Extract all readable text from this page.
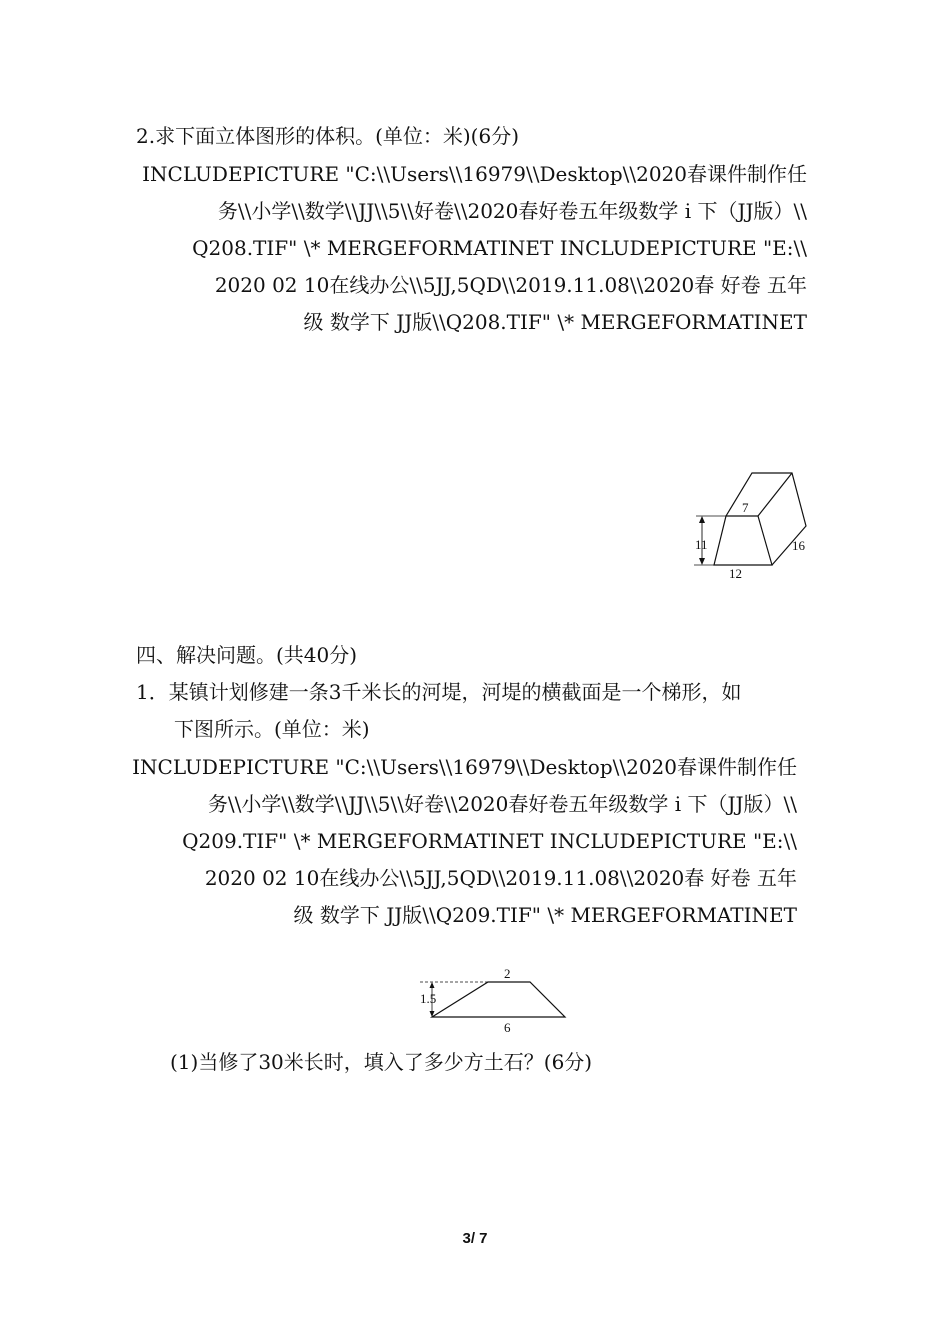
2.求下面立体图形的体积。(单位：米)(6分)
INCLUDEPICTURE "C:\\Users\\16979\\Desktop\\2020春课件制作任
务\\小学\\数学\\JJ\\5\\好卷\\2020春好卷五年级数学 i 下（JJ版）\\
Q208.TIF" \* MERGEFORMATINET INCLUDEPICTURE "E:\\
2020 02 10在线办公\\5JJ,5QD\\2019.11.08\\2020春 好卷 五年
级 数学下 JJ版\\Q208.TIF" \* MERGEFORMATINET
7
11
12
16
四、解决问题。(共40分)
1．某镇计划修建一条3千米长的河堤，河堤的横截面是一个梯形，如
下图所示。(单位：米)
INCLUDEPICTURE "C:\\Users\\16979\\Desktop\\2020春课件制作任
务\\小学\\数学\\JJ\\5\\好卷\\2020春好卷五年级数学 i 下（JJ版）\\
Q209.TIF" \* MERGEFORMATINET INCLUDEPICTURE "E:\\
2020 02 10在线办公\\5JJ,5QD\\2019.11.08\\2020春 好卷 五年
级 数学下 JJ版\\Q209.TIF" \* MERGEFORMATINET
2
1.5
6
(1)当修了30米长时，填入了多少方土石？(6分)
3/ 7
